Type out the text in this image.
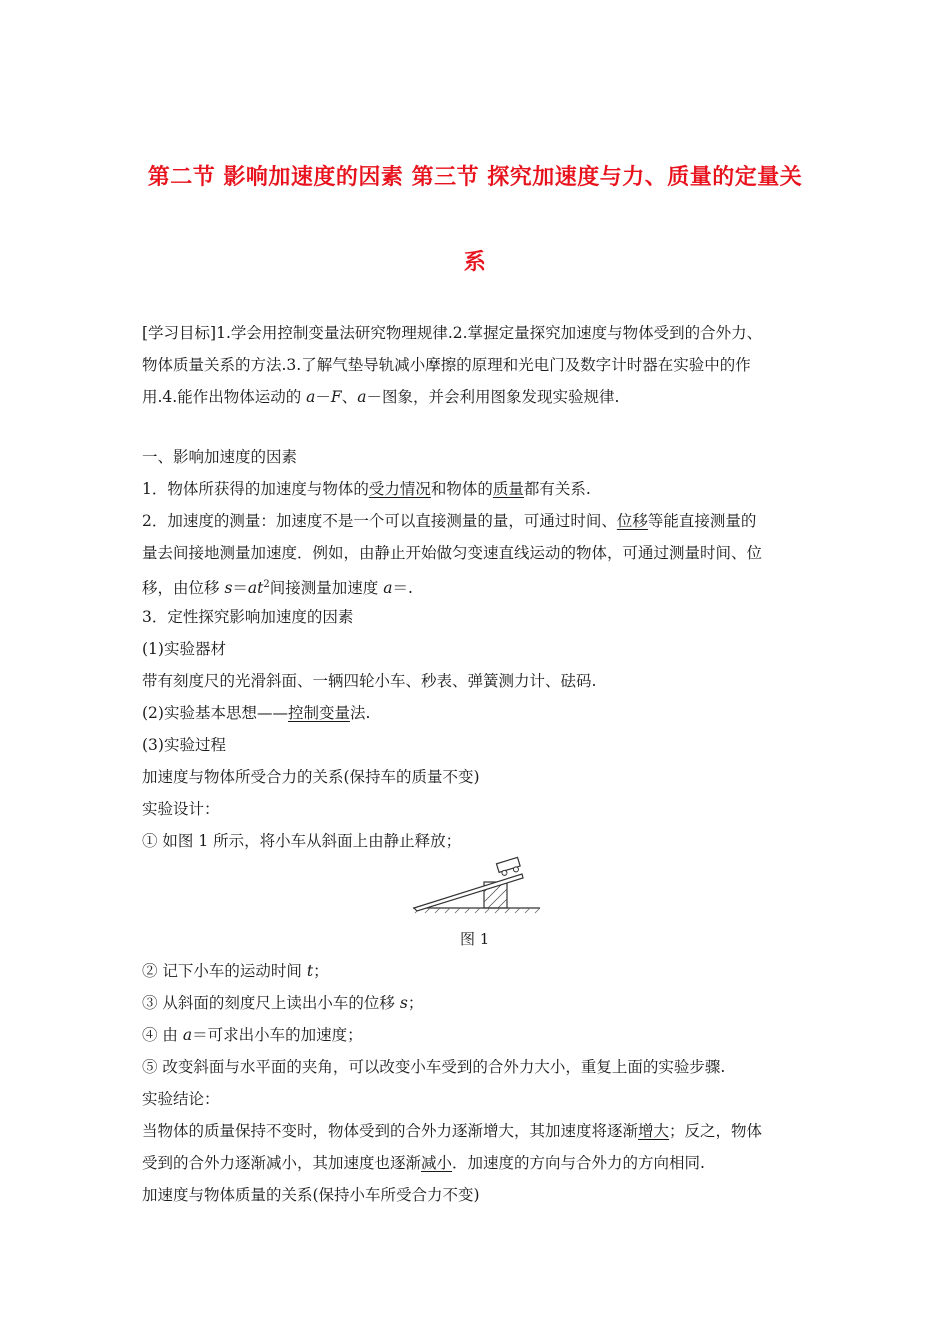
第二节 影响加速度的因素 第三节 探究加速度与力、质量的定量关
系
[学习目标]1.学会用控制变量法研究物理规律.2.掌握定量探究加速度与物体受到的合外力、
物体质量关系的方法.3.了解气垫导轨减小摩擦的原理和光电门及数字计时器在实验中的作
用.4.能作出物体运动的 a－F、a－图象，并会利用图象发现实验规律.
一、影响加速度的因素
1．物体所获得的加速度与物体的受力情况和物体的质量都有关系.
2．加速度的测量：加速度不是一个可以直接测量的量，可通过时间、位移等能直接测量的
量去间接地测量加速度．例如，由静止开始做匀变速直线运动的物体，可通过测量时间、位
移，由位移 $s=at^2$间接测量加速度 a＝.
3．定性探究影响加速度的因素
(1)实验器材
带有刻度尺的光滑斜面、一辆四轮小车、秒表、弹簧测力计、砝码.
(2)实验基本思想——控制变量法.
(3)实验过程
加速度与物体所受合力的关系(保持车的质量不变)
实验设计：
① 如图 1 所示，将小车从斜面上由静止释放；
图 1
② 记下小车的运动时间 t；
③ 从斜面的刻度尺上读出小车的位移 s；
④ 由 a＝可求出小车的加速度；
⑤ 改变斜面与水平面的夹角，可以改变小车受到的合外力大小，重复上面的实验步骤.
实验结论：
当物体的质量保持不变时，物体受到的合外力逐渐增大，其加速度将逐渐增大；反之，物体
受到的合外力逐渐减小，其加速度也逐渐减小．加速度的方向与合外力的方向相同.
加速度与物体质量的关系(保持小车所受合力不变)
